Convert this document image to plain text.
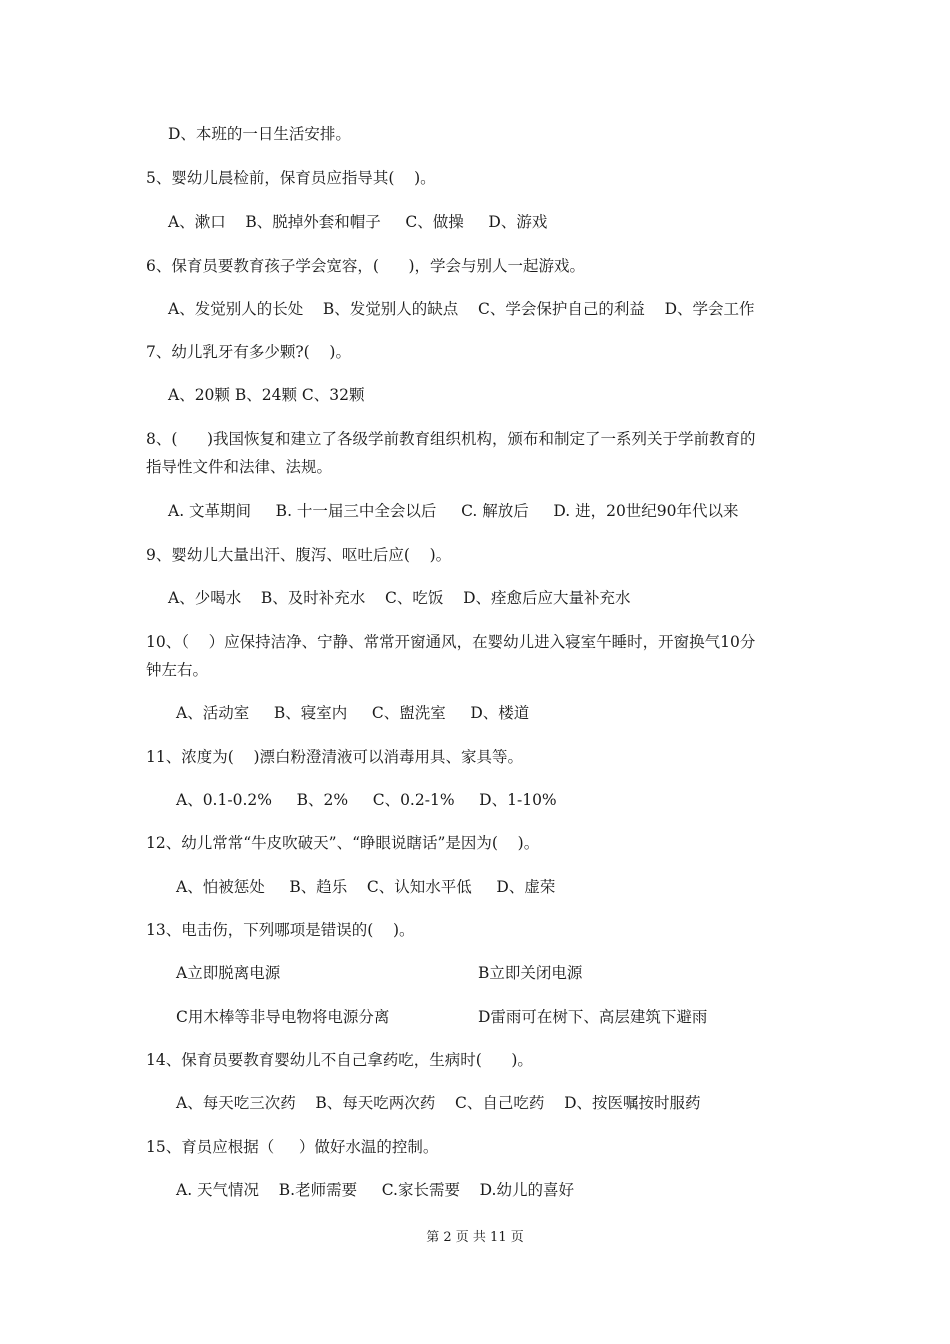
D、本班的一日生活安排。
5、婴幼儿晨检前，保育员应指导其(    )。
A、漱口    B、脱掉外套和帽子     C、做操     D、游戏
6、保育员要教育孩子学会宽容，(      )，学会与别人一起游戏。
A、发觉别人的长处    B、发觉别人的缺点    C、学会保护自己的利益    D、学会工作
7、幼儿乳牙有多少颗?(    )。
A、20颗 B、24颗 C、32颗
8、(      )我国恢复和建立了各级学前教育组织机构，颁布和制定了一系列关于学前教育的
指导性文件和法律、法规。
A. 文革期间     B. 十一届三中全会以后     C. 解放后     D. 进，20世纪90年代以来
9、婴幼儿大量出汗、腹泻、呕吐后应(    )。
A、少喝水    B、及时补充水    C、吃饭    D、痊愈后应大量补充水
10、（    ）应保持洁净、宁静、常常开窗通风，在婴幼儿进入寝室午睡时，开窗换气10分
钟左右。
A、活动室     B、寝室内     C、盥洗室     D、楼道
11、浓度为(    )漂白粉澄清液可以消毒用具、家具等。
A、0.1-0.2%     B、2%     C、0.2-1%     D、1-10%
12、幼儿常常“牛皮吹破天”、“睁眼说瞎话”是因为(    )。
A、怕被惩处     B、趋乐    C、认知水平低     D、虚荣
13、电击伤，下列哪项是错误的(    )。
A立即脱离电源	B立即关闭电源
C用木棒等非导电物将电源分离	D雷雨可在树下、高层建筑下避雨
14、保育员要教育婴幼儿不自己拿药吃，生病时(      )。
A、每天吃三次药    B、每天吃两次药    C、自己吃药    D、按医嘱按时服药
15、育员应根据（     ）做好水温的控制。
A. 天气情况    B.老师需要     C.家长需要    D.幼儿的喜好
第 2 页 共 11 页
